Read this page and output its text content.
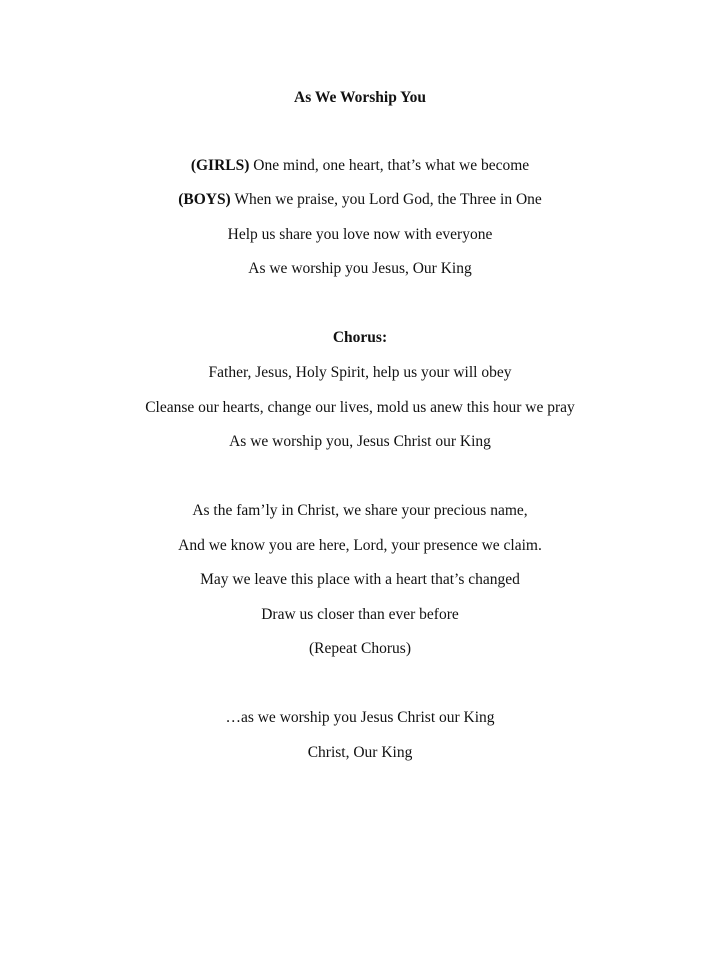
As We Worship You
(GIRLS) One mind, one heart, that’s what we become
(BOYS) When we praise, you Lord God, the Three in One
Help us share you love now with everyone
As we worship you Jesus, Our King
Chorus:
Father, Jesus, Holy Spirit, help us your will obey
Cleanse our hearts, change our lives, mold us anew this hour we pray
As we worship you, Jesus Christ our King
As the fam’ly in Christ, we share your precious name,
And we know you are here, Lord, your presence we claim.
May we leave this place with a heart that’s changed
Draw us closer than ever before
(Repeat Chorus)
…as we worship you Jesus Christ our King
Christ, Our King
